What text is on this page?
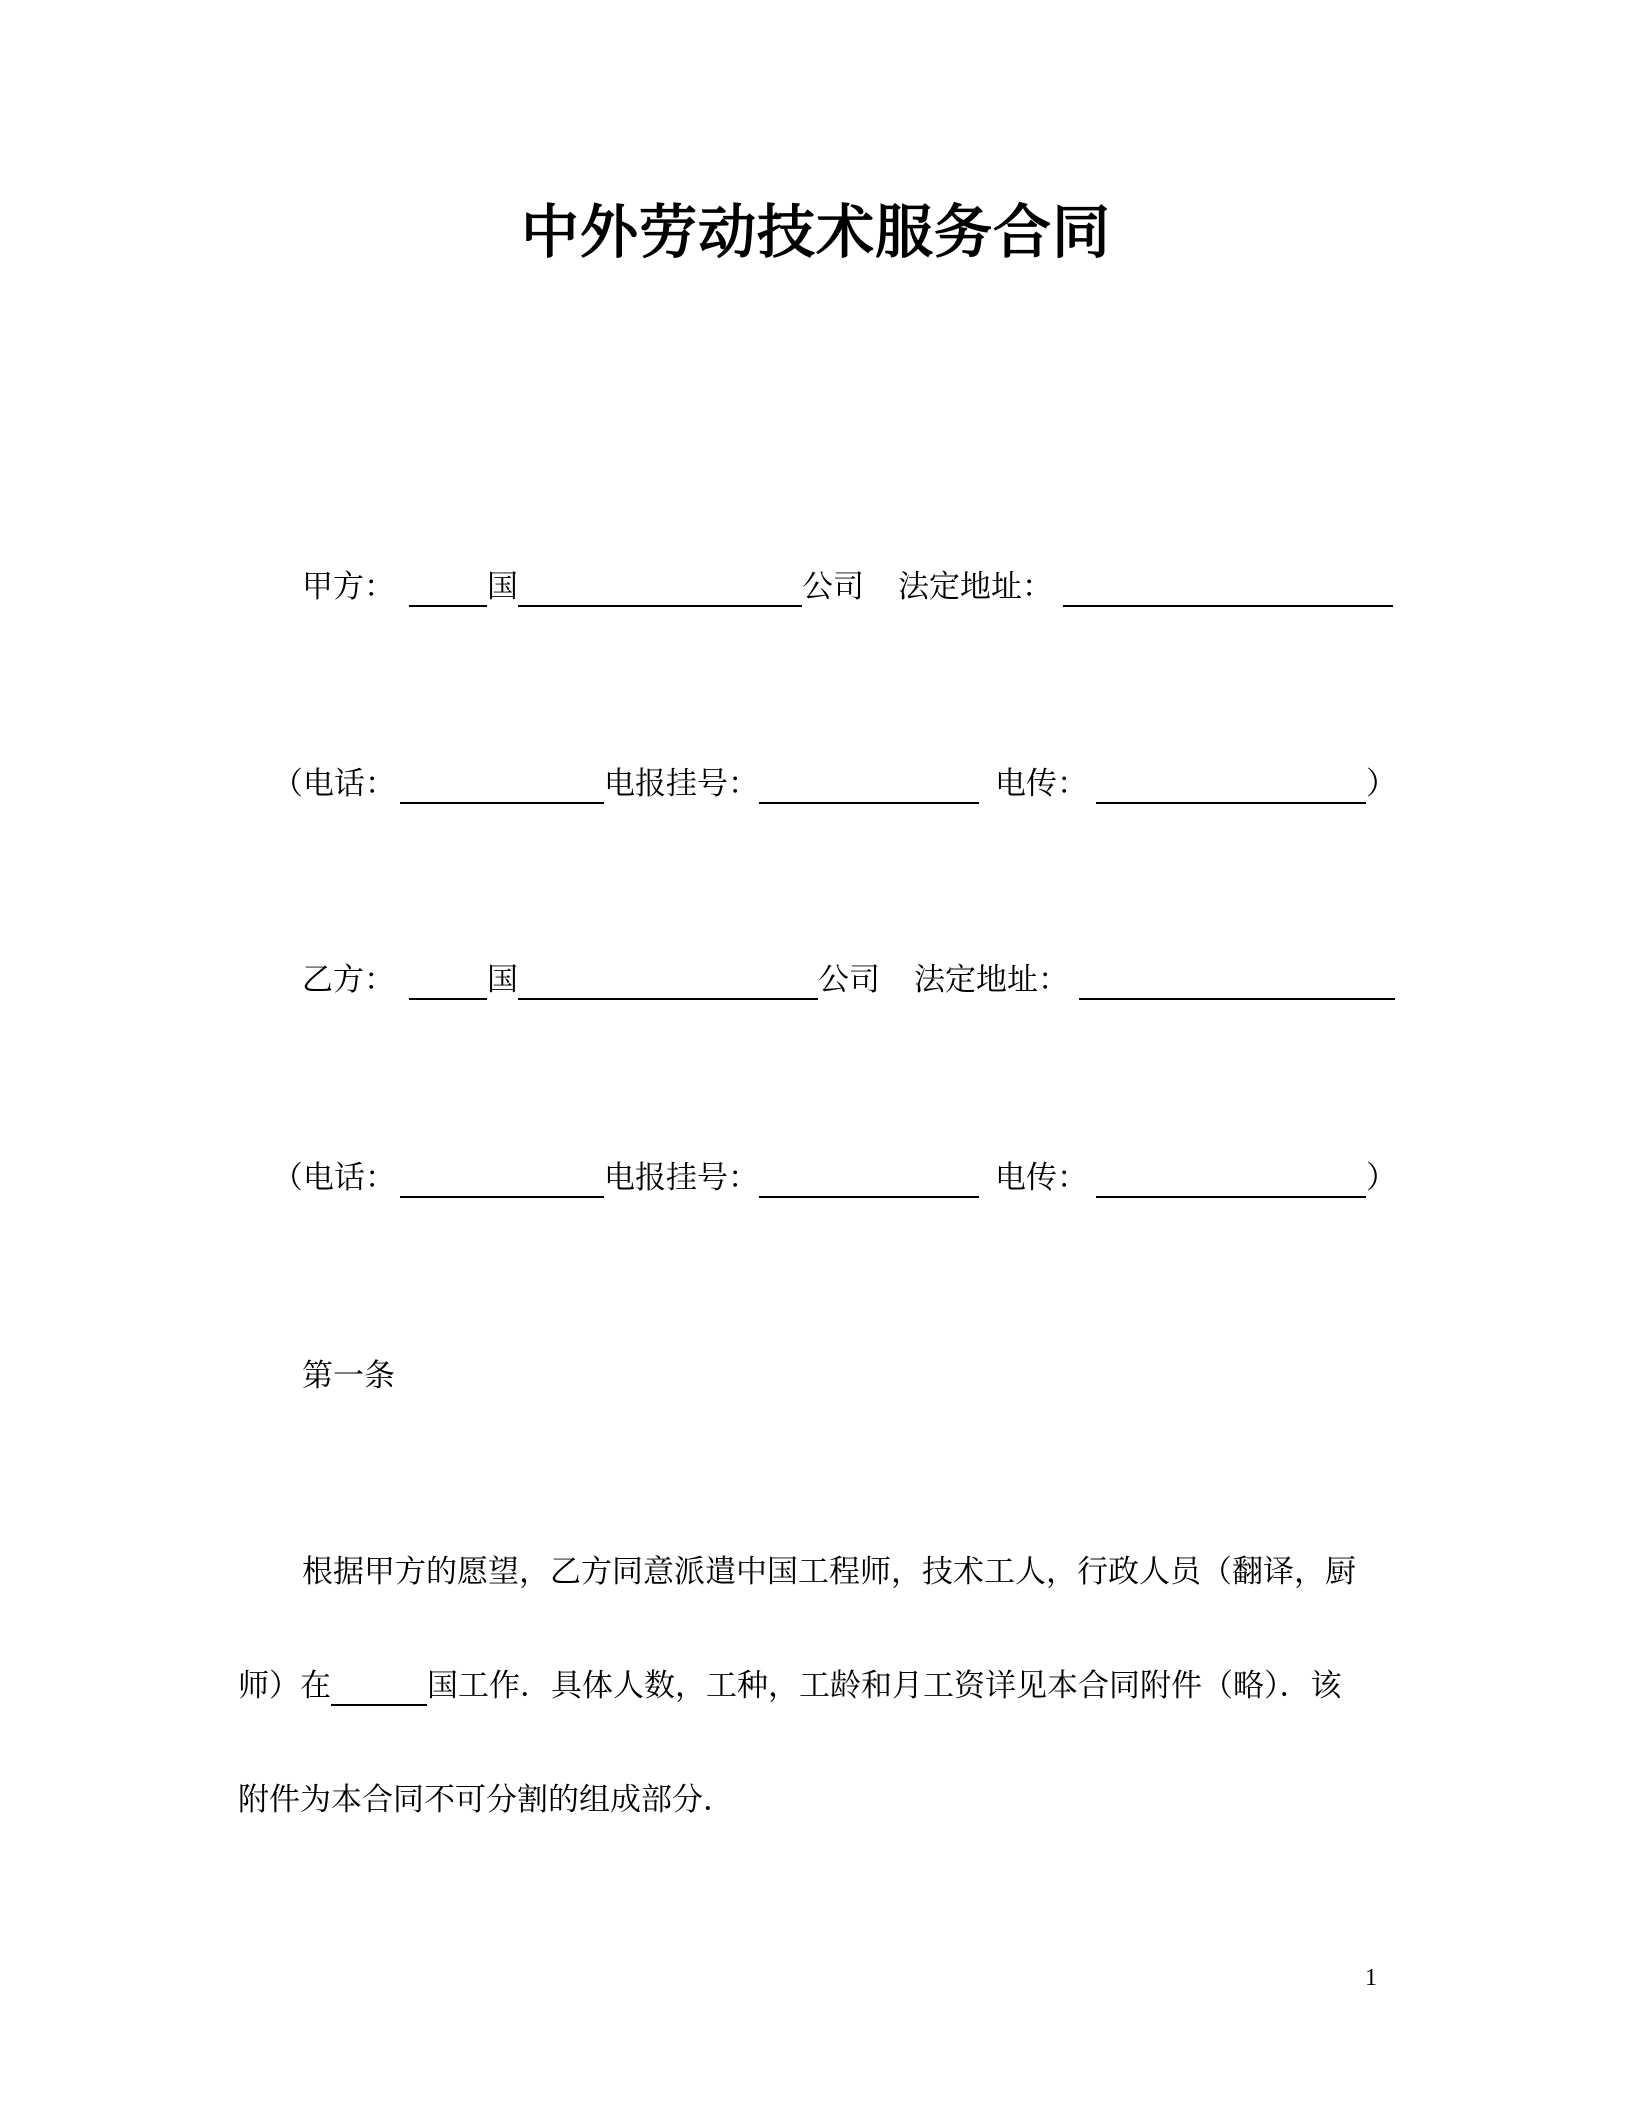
中外劳动技术服务合同
甲方：	国	公司 法定地址：
（ 电话：	电报挂号：	电传：	）
乙方：	国	公司 法定地址：
（ 电话：	电报挂号：	电传：	）
第一条
根据甲方的愿望，乙方同意派遣中国工程师，技术工人，行政人员（翻译，厨
师）在	国工作．具体人数，工种，工龄和月工资详见本合同附件（略）．该
附件为本合同不可分割的组成部分．
1
